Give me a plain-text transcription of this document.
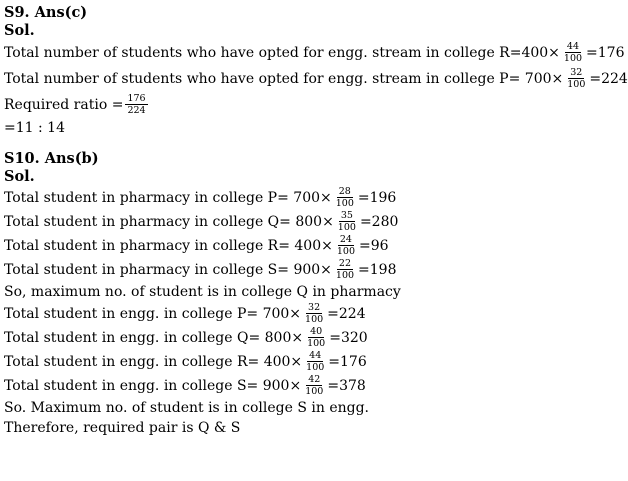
S9. Ans(c)
Sol.
Total number of students who have opted for engg. stream in college $R=400\times \frac{44}{100} =176$
Total number of students who have opted for engg. stream in college $P= 700\times \frac{32}{100} =224$
Required ratio = $\frac{176}{224}$
=11 : 14
S10. Ans(b)
Sol.
Total student in pharmacy in college $P= 700\times \frac{28}{100} =196$
Total student in pharmacy in college $Q= 800\times \frac{35}{100} =280$
Total student in pharmacy in college $R= 400\times \frac{24}{100} =96$
Total student in pharmacy in college $S= 900\times \frac{22}{100} =198$
So, maximum no. of student is in college Q in pharmacy
Total student in engg. in college $P= 700\times \frac{32}{100} =224$
Total student in engg. in college $Q= 800\times \frac{40}{100} =320$
Total student in engg. in college $R= 400\times \frac{44}{100} =176$
Total student in engg. in college $S= 900\times \frac{42}{100} =378$
So. Maximum no. of student is in college S in engg.
Therefore, required pair is Q & S
